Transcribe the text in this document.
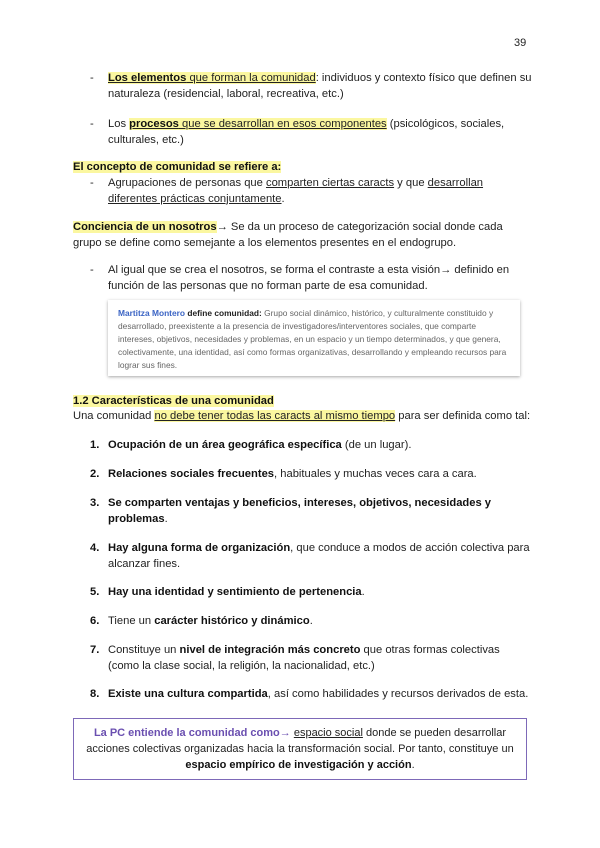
39
- Los elementos que forman la comunidad: individuos y contexto físico que definen su naturaleza (residencial, laboral, recreativa, etc.)
- Los procesos que se desarrollan en esos componentes (psicológicos, sociales, culturales, etc.)
El concepto de comunidad se refiere a:
- Agrupaciones de personas que comparten ciertas caracts y que desarrollan diferentes prácticas conjuntamente.
Conciencia de un nosotros→ Se da un proceso de categorización social donde cada grupo se define como semejante a los elementos presentes en el endogrupo.
- Al igual que se crea el nosotros, se forma el contraste a esta visión→ definido en función de las personas que no forman parte de esa comunidad.
Martitza Montero define comunidad: Grupo social dinámico, histórico, y culturalmente constituido y desarrollado, preexistente a la presencia de investigadores/interventores sociales, que comparte intereses, objetivos, necesidades y problemas, en un espacio y un tiempo determinados, y que genera, colectivamente, una identidad, así como formas organizativas, desarrollando y empleando recursos para lograr sus fines.
1.2 Características de una comunidad
Una comunidad no debe tener todas las caracts al mismo tiempo para ser definida como tal:
1. Ocupación de un área geográfica específica (de un lugar).
2. Relaciones sociales frecuentes, habituales y muchas veces cara a cara.
3. Se comparten ventajas y beneficios, intereses, objetivos, necesidades y problemas.
4. Hay alguna forma de organización, que conduce a modos de acción colectiva para alcanzar fines.
5. Hay una identidad y sentimiento de pertenencia.
6. Tiene un carácter histórico y dinámico.
7. Constituye un nivel de integración más concreto que otras formas colectivas (como la clase social, la religión, la nacionalidad, etc.)
8. Existe una cultura compartida, así como habilidades y recursos derivados de esta.
La PC entiende la comunidad como→ espacio social donde se pueden desarrollar acciones colectivas organizadas hacia la transformación social. Por tanto, constituye un espacio empírico de investigación y acción.
